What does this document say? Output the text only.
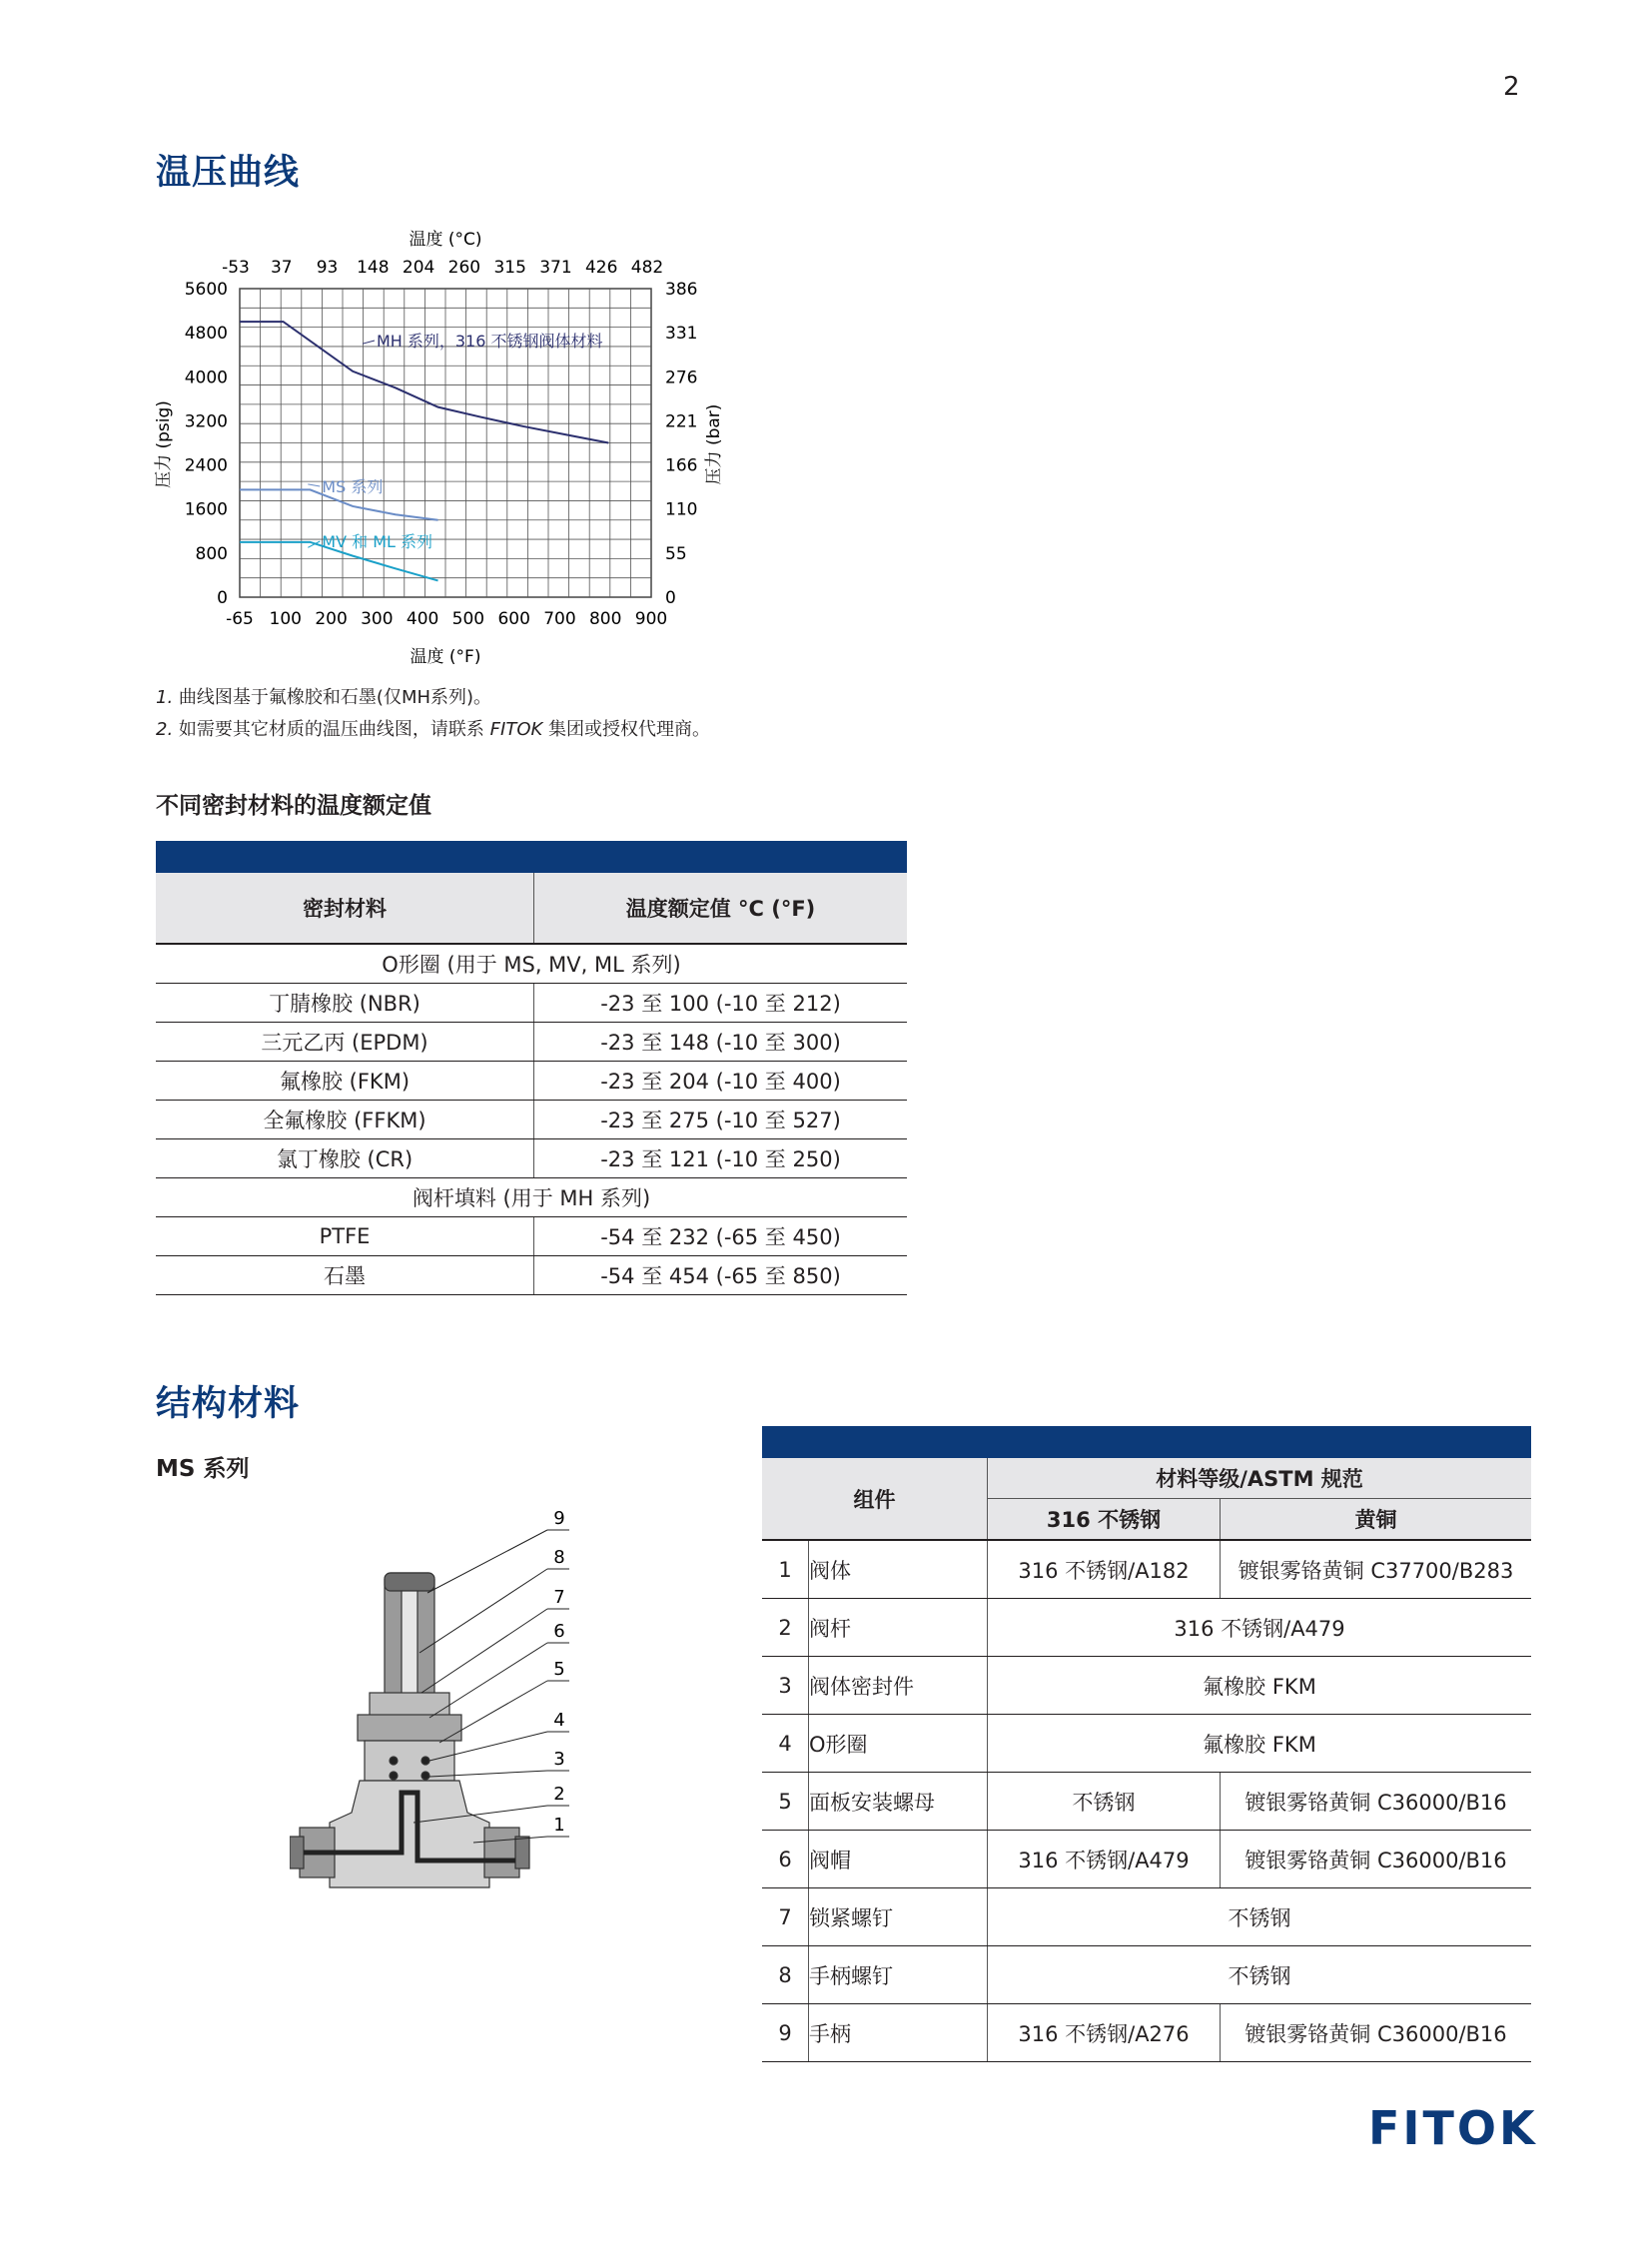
2
温压曲线
MH 系列，316 不锈钢阀体材料
MS 系列
MV 和 ML 系列
-53 37 93 148 204 260 315 371 426 482
-65 100 200 300 400 500 600 700 800 900
5600
4800
4000
3200
2400
1600
800
0
386
331
276
221
166
110
55
0
温度 (°C)
温度 (°F)
压力 (psig)	压力 (bar)
1. 曲线图基于氟橡胶和石墨(仅MH系列)。
2. 如需要其它材质的温压曲线图，请联系 FITOK 集团或授权代理商。
不同密封材料的温度额定值

密封材料	温度额定值 °C (°F)
O形圈 (用于 MS, MV, ML 系列)	
丁腈橡胶 (NBR)	-23 至 100 (-10 至 212)
三元乙丙 (EPDM)	-23 至 148 (-10 至 300)
氟橡胶 (FKM)	-23 至 204 (-10 至 400)
全氟橡胶 (FFKM)	-23 至 275 (-10 至 527)
氯丁橡胶 (CR)	-23 至 121 (-10 至 250)
阀杆填料 (用于 MH 系列)	
PTFE	-54 至 232 (-65 至 450)
石墨	-54 至 454 (-65 至 850)
结构材料
MS 系列
9
8
7
6
5
4
3
2
1

组件		材料等级/ASTM 规范	
		316 不锈钢	黄铜
1	阀体	316 不锈钢/A182	镀银雾铬黄铜 C37700/B283
2	阀杆	316 不锈钢/A479	
3	阀体密封件	氟橡胶 FKM	
4	O形圈	氟橡胶 FKM	
5	面板安装螺母	不锈钢	镀银雾铬黄铜 C36000/B16
6	阀帽	316 不锈钢/A479	镀银雾铬黄铜 C36000/B16
7	锁紧螺钉	不锈钢	
8	手柄螺钉	不锈钢	
9	手柄	316 不锈钢/A276	镀银雾铬黄铜 C36000/B16
FITOK
